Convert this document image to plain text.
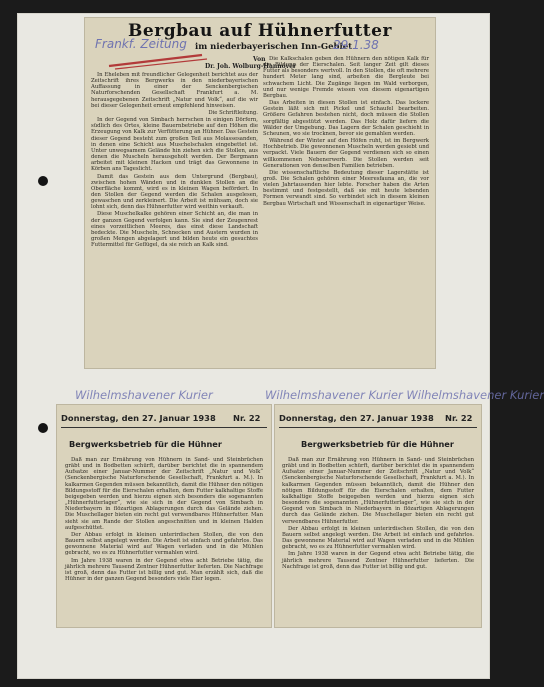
Bergbau auf Hühnerfutter
im niederbayerischen Inn-Gebiet
Frankf. Zeitung	29.1.38
Von
Dr. Joh. Wolburg-Hannover

In Eheleben mit freundlicher Gelegenheit berichtet aus der Zeitschrift ihres Bergwerks in den niederbayerischen Auffassung in einer der Senckenbergischen Naturforschenden Gesellschaft Frankfurt a. M. herausgegebenen Zeitschrift „Natur und Volk“, auf die wir bei dieser Gelegenheit erneut empfehlend hinweisen.

Die Schriftleitung.

In der Gegend von Simbach herrschen in einigen Dörfern, südlich des Ortes, kleine Bauernbetriebe auf den Höhen die Erzeugung von Kalk zur Verfütterung an Hühner. Das Gestein dieser Gegend besteht zum großen Teil aus Molassesanden, in denen eine Schicht aus Muschelschalen eingebettet ist. Unter unwegsamem Gelände hin ziehen sich die Stollen, aus denen die Muscheln herausgeholt werden. Der Bergmann arbeitet mit kleinen Hacken und trägt das Gewonnene in Körben ans Tageslicht.

Damit das Gestein aus dem Untergrund (Bergbau), zwischen hohen Wänden und in dunklen Stollen an die Oberfläche kommt, wird es in kleinen Wagen befördert. In den Stollen der Gegend werden die Schalen ausgelesen, gewaschen und zerkleinert. Die Arbeit ist mühsam, doch sie lohnt sich, denn das Hühnerfutter wird weithin verkauft.

Diese Muschelkalke gehören einer Schicht an, die man in der ganzen Gegend verfolgen kann. Sie sind der Zeugenrest eines vorzeitlichen Meeres, das einst diese Landschaft bedeckte. Die Muscheln, Schnecken und Austern wurden in großen Mengen abgelagert und bilden heute ein gesuchtes Futtermittel für Geflügel, da sie reich an Kalk sind.

Die Kalkschalen geben den Hühnern den nötigen Kalk für die Bildung der Eierschalen. Seit langer Zeit gilt dieses Futter als besonders wertvoll. In den Stollen, die oft mehrere hundert Meter lang sind, arbeiten die Bergleute bei schwachem Licht. Die Zugänge liegen im Wald verborgen, und nur wenige Fremde wissen von diesem eigenartigen Bergbau.

Das Arbeiten in diesen Stollen ist einfach. Das lockere Gestein läßt sich mit Pickel und Schaufel bearbeiten. Größere Gefahren bestehen nicht, doch müssen die Stollen sorgfältig abgestützt werden. Das Holz dafür liefern die Wälder der Umgebung. Das Lagern der Schalen geschieht in Scheunen, wo sie trocknen, bevor sie gemahlen werden.

Während der Winter auf den Höfen ruht, ist im Bergwerk Hochbetrieb. Die gewonnenen Muscheln werden gesiebt und verpackt. Viele Bauern der Gegend verdienen sich so einen willkommenen Nebenerwerb. Die Stollen werden seit Generationen von denselben Familien betrieben.

Die wissenschaftliche Bedeutung dieser Lagerstätte ist groß. Die Schalen gehören einer Meeresfauna an, die vor vielen Jahrtausenden hier lebte. Forscher haben die Arten bestimmt und festgestellt, daß sie mit heute lebenden Formen verwandt sind. So verbindet sich in diesem kleinen Bergbau Wirtschaft und Wissenschaft in eigenartiger Weise.

Wilhelmshavener Kurier	Wilhelmshavener Kurier Wilhelmshavener Kurier
Donnerstag, den 27. Januar 1938 Nr. 22
Bergwerksbetrieb für die Hühner

Daß man zur Ernährung von Hühnern in Sand- und Steinbrüchen gräbt und in Bodbetten schürft, darüber berichtet die in spannendem Aufsatze einer Januar-Nummer der Zeitschrift „Natur und Volk“ (Senckenbergische Naturforschende Gesellschaft, Frankfurt a. M.). In kalkarmen Gegenden müssen bekanntlich, damit die Hühner den nötigen Bildungsstoff für die Eierschalen erhalten, dem Futter kalkhaltige Stoffe beigegeben werden und hierzu eignen sich besonders die sogenannten „Hühnerfutterlager“, wie sie sich in der Gegend von Simbach in Niederbayern in flözartigen Ablagerungen durch das Gelände ziehen. Die Muschellager bieten ein recht gut verwendbares Hühnerfutter. Man sieht sie am Rande der Stollen angeschnitten und in kleinen Halden aufgeschüttet.

Der Abbau erfolgt in kleinen unterirdischen Stollen, die von den Bauern selbst angelegt werden. Die Arbeit ist einfach und gefahrlos. Das gewonnene Material wird auf Wagen verladen und in die Mühlen gebracht, wo es zu Hühnerfutter vermahlen wird.

Im Jahre 1938 waren in der Gegend etwa acht Betriebe tätig, die jährlich mehrere Tausend Zentner Hühnerfutter lieferten. Die Nachfrage ist groß, denn das Futter ist billig und gut. Man erzählt sich, daß die Hühner in der ganzen Gegend besonders viele Eier legen.

Donnerstag, den 27. Januar 1938 Nr. 22
Bergwerksbetrieb für die Hühner

Daß man zur Ernährung von Hühnern in Sand- und Steinbrüchen gräbt und in Bodbetten schürft, darüber berichtet die in spannendem Aufsatze einer Januar-Nummer der Zeitschrift „Natur und Volk“ (Senckenbergische Naturforschende Gesellschaft, Frankfurt a. M.). In kalkarmen Gegenden müssen bekanntlich, damit die Hühner den nötigen Bildungsstoff für die Eierschalen erhalten, dem Futter kalkhaltige Stoffe beigegeben werden und hierzu eignen sich besonders die sogenannten „Hühnerfutterlager“, wie sie sich in der Gegend von Simbach in Niederbayern in flözartigen Ablagerungen durch das Gelände ziehen. Die Muschellager bieten ein recht gut verwendbares Hühnerfutter.

Der Abbau erfolgt in kleinen unterirdischen Stollen, die von den Bauern selbst angelegt werden. Die Arbeit ist einfach und gefahrlos. Das gewonnene Material wird auf Wagen verladen und in die Mühlen gebracht, wo es zu Hühnerfutter vermahlen wird.

Im Jahre 1938 waren in der Gegend etwa acht Betriebe tätig, die jährlich mehrere Tausend Zentner Hühnerfutter lieferten. Die Nachfrage ist groß, denn das Futter ist billig und gut.
